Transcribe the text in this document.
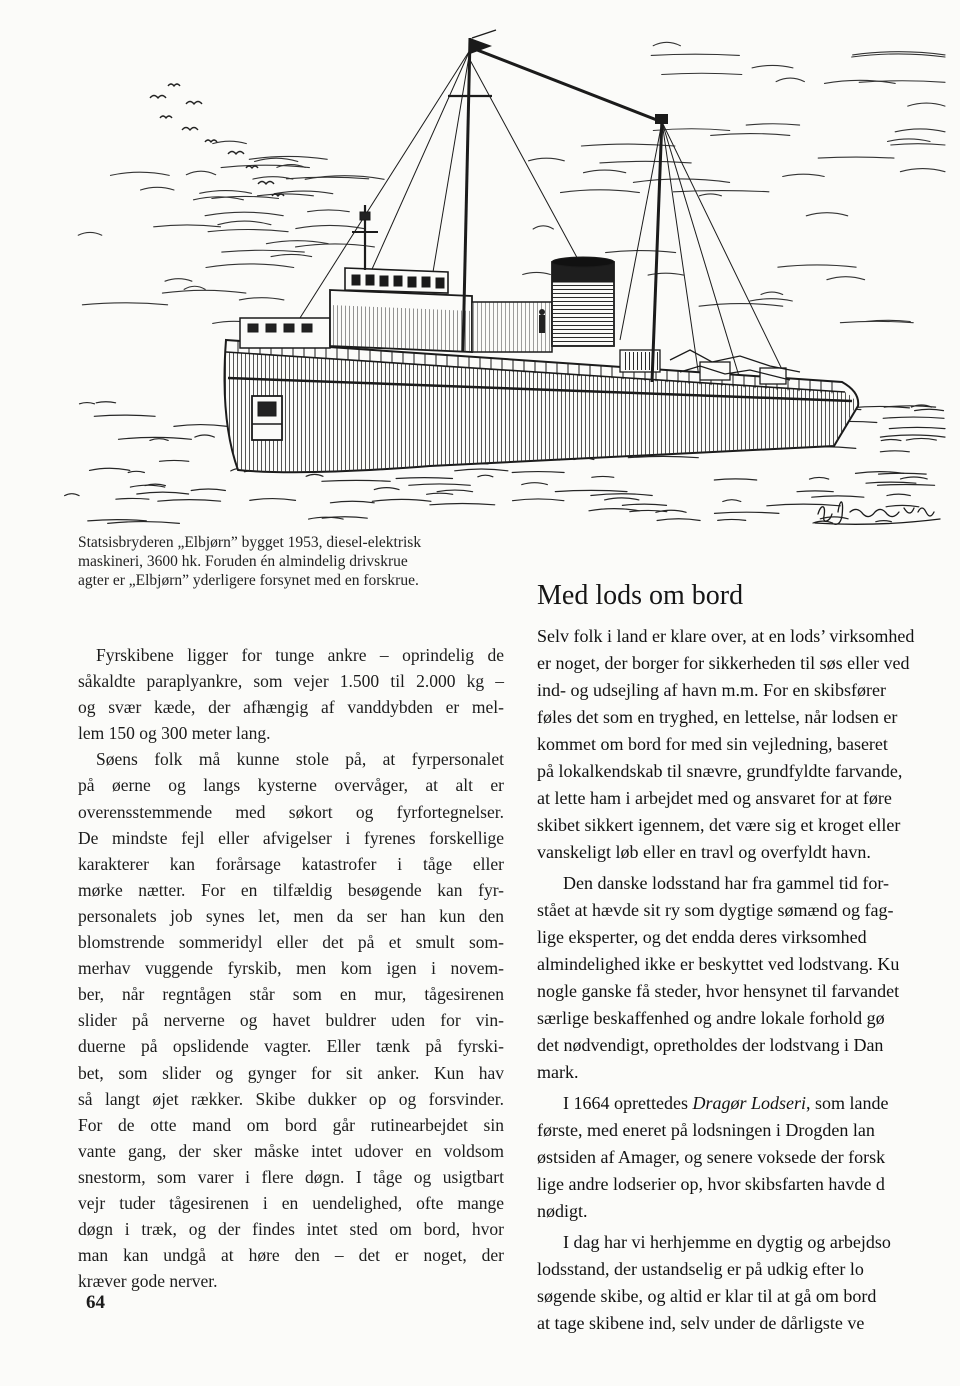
Statsisbryderen „Elbjørn” bygget 1953, diesel-elektrisk
maskineri, 3600 hk. Foruden én almindelig drivskrue
agter er „Elbjørn” yderligere forsynet med en forskrue.
Fyrskibene ligger for tunge ankre – oprindelig de
såkaldte paraplyankre, som vejer 1.500 til 2.000 kg –
og svær kæde, der afhængig af vanddybden er mel-
lem 150 og 300 meter lang.
Søens folk må kunne stole på, at fyrpersonalet
på øerne og langs kysterne overvåger, at alt er
overensstemmende med søkort og fyrfortegnelser.
De mindste fejl eller afvigelser i fyrenes forskellige
karakterer kan forårsage katastrofer i tåge eller
mørke nætter. For en tilfældig besøgende kan fyr-
personalets job synes let, men da ser han kun den
blomstrende sommeridyl eller det på et smult som-
merhav vuggende fyrskib, men kom igen i novem-
ber, når regntågen står som en mur, tågesirenen
slider på nerverne og havet buldrer uden for vin-
duerne på opslidende vagter. Eller tænk på fyrski-
bet, som slider og gynger for sit anker. Kun hav
så langt øjet rækker. Skibe dukker op og forsvinder.
For de otte mand om bord går rutinearbejdet sin
vante gang, der sker måske intet udover en voldsom
snestorm, som varer i flere døgn. I tåge og usigtbart
vejr tuder tågesirenen i en uendelighed, ofte mange
døgn i træk, og der findes intet sted om bord, hvor
man kan undgå at høre den – det er noget, der
kræver gode nerver.
Med lods om bord
Selv folk i land er klare over, at en lods’ virksomhed
er noget, der borger for sikkerheden til søs eller ved
ind- og udsejling af havn m.m. For en skibsfører
føles det som en tryghed, en lettelse, når lodsen er
kommet om bord for med sin vejledning, baseret
på lokalkendskab til snævre, grundfyldte farvande,
at lette ham i arbejdet med og ansvaret for at føre
skibet sikkert igennem, det være sig et kroget eller
vanskeligt løb eller en travl og overfyldt havn.
Den danske lodsstand har fra gammel tid for-
stået at hævde sit ry som dygtige sømænd og fag-
lige eksperter, og det endda deres virksomhed
almindelighed ikke er beskyttet ved lodstvang. Ku
nogle ganske få steder, hvor hensynet til farvandet
særlige beskaffenhed og andre lokale forhold gø
det nødvendigt, opretholdes der lodstvang i Dan
mark.
I 1664 oprettedes Dragør Lodseri, som lande
første, med eneret på lodsningen i Drogden lan
østsiden af Amager, og senere voksede der forsk
lige andre lodserier op, hvor skibsfarten havde d
nødigt.
I dag har vi herhjemme en dygtig og arbejdso
lodsstand, der ustandselig er på udkig efter lo
søgende skibe, og altid er klar til at gå om bord
at tage skibene ind, selv under de dårligste ve
64
